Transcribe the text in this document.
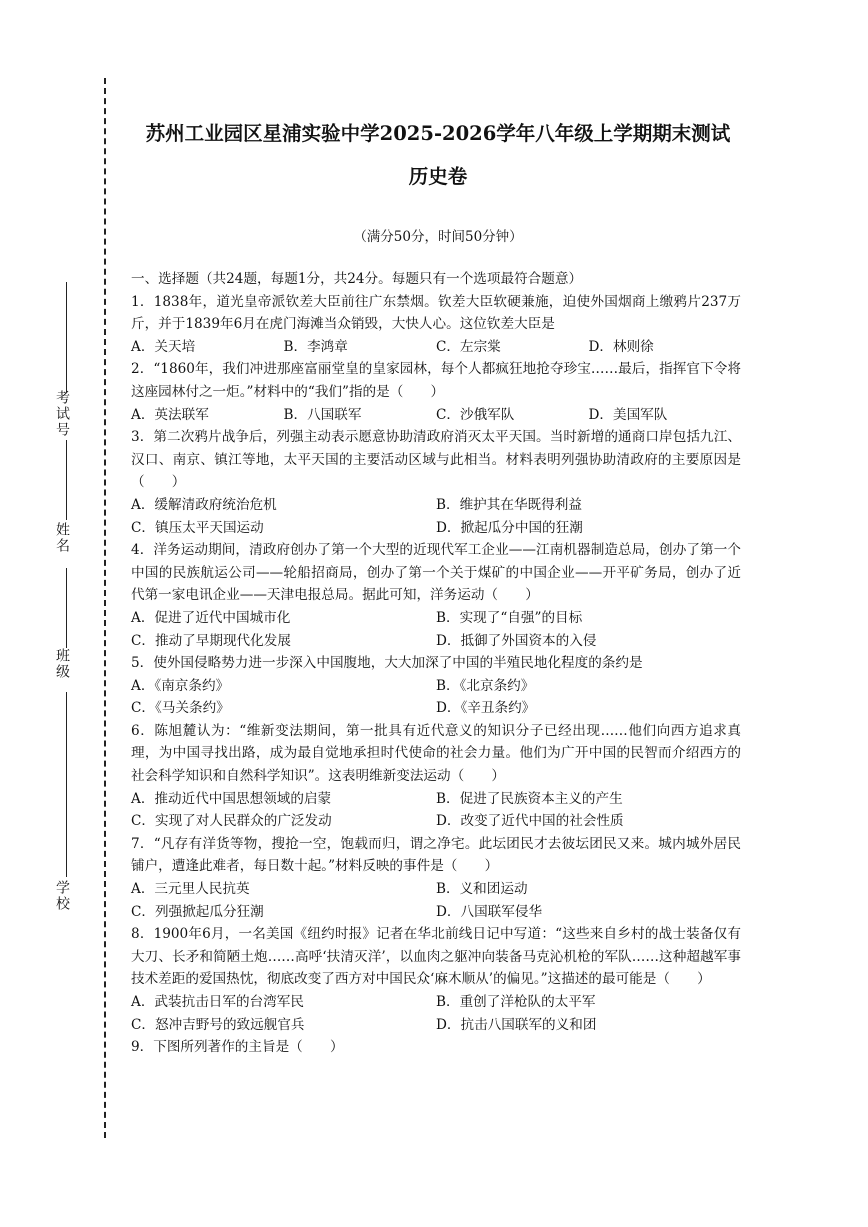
考试号
姓名
班级
学校
苏州工业园区星浦实验中学2025-2026学年八年级上学期期末测试
历史卷
（满分50分，时间50分钟）

一、选择题（共24题，每题1分，共24分。每题只有一个选项最符合题意）

1．1838年，道光皇帝派钦差大臣前往广东禁烟。钦差大臣软硬兼施，迫使外国烟商上缴鸦片237万斤，并于1839年6月在虎门海滩当众销毁，大快人心。这位钦差大臣是

A．关天培	B．李鸿章	C．左宗棠	D．林则徐

2．“1860年，我们冲进那座富丽堂皇的皇家园林，每个人都疯狂地抢夺珍宝……最后，指挥官下令将这座园林付之一炬。”材料中的“我们”指的是（　　）

A．英法联军	B．八国联军	C．沙俄军队	D．美国军队

3．第二次鸦片战争后，列强主动表示愿意协助清政府消灭太平天国。当时新增的通商口岸包括九江、汉口、南京、镇江等地，太平天国的主要活动区域与此相当。材料表明列强协助清政府的主要原因是（　　）

A．缓解清政府统治危机	B．维护其在华既得利益
C．镇压太平天国运动	D．掀起瓜分中国的狂潮

4．洋务运动期间，清政府创办了第一个大型的近现代军工企业——江南机器制造总局，创办了第一个中国的民族航运公司——轮船招商局，创办了第一个关于煤矿的中国企业——开平矿务局，创办了近代第一家电讯企业——天津电报总局。据此可知，洋务运动（　　）

A．促进了近代中国城市化	B．实现了“自强”的目标
C．推动了早期现代化发展	D．抵御了外国资本的入侵

5．使外国侵略势力进一步深入中国腹地，大大加深了中国的半殖民地化程度的条约是

A．《南京条约》	B．《北京条约》
C．《马关条约》	D．《辛丑条约》

6．陈旭麓认为：“维新变法期间，第一批具有近代意义的知识分子已经出现……他们向西方追求真理，为中国寻找出路，成为最自觉地承担时代使命的社会力量。他们为广开中国的民智而介绍西方的社会科学知识和自然科学知识”。这表明维新变法运动（　　）

A．推动近代中国思想领域的启蒙	B．促进了民族资本主义的产生
C．实现了对人民群众的广泛发动	D．改变了近代中国的社会性质

7．“凡存有洋货等物，搜抢一空，饱载而归，谓之净宅。此坛团民才去彼坛团民又来。城内城外居民铺户，遭逢此难者，每日数十起。”材料反映的事件是（　　）

A．三元里人民抗英	B．义和团运动
C．列强掀起瓜分狂潮	D．八国联军侵华

8．1900年6月，一名美国《纽约时报》记者在华北前线日记中写道：“这些来自乡村的战士装备仅有大刀、长矛和简陋土炮……高呼‘扶清灭洋’，以血肉之躯冲向装备马克沁机枪的军队……这种超越军事技术差距的爱国热忱，彻底改变了西方对中国民众‘麻木顺从’的偏见。”这描述的最可能是（　　）

A．武装抗击日军的台湾军民	B．重创了洋枪队的太平军
C．怒冲吉野号的致远舰官兵	D．抗击八国联军的义和团

9．下图所列著作的主旨是（　　）
